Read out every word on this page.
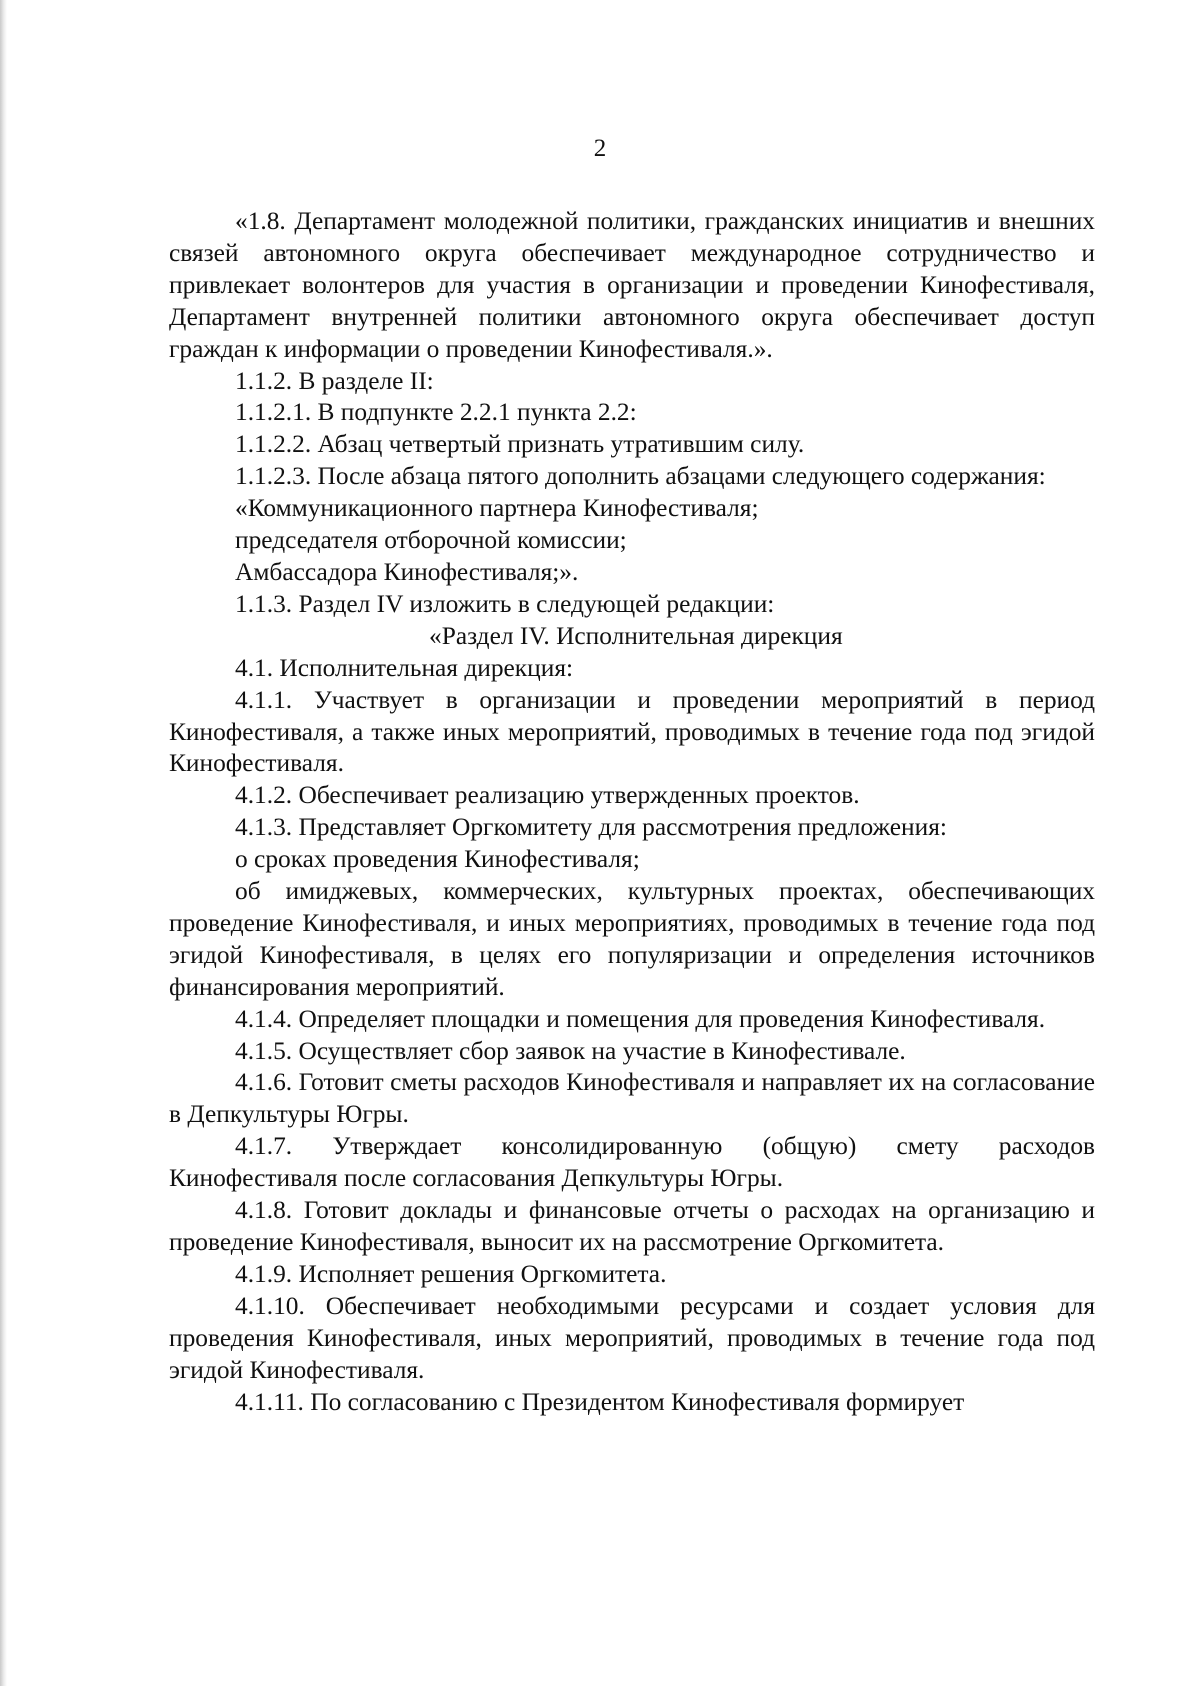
2

«1.8. Департамент молодежной политики, гражданских инициатив и внешних связей автономного округа обеспечивает международное сотрудничество и привлекает волонтеров для участия в организации и проведении Кинофестиваля, Департамент внутренней политики автономного округа обеспечивает доступ граждан к информации о проведении Кинофестиваля.».

1.1.2. В разделе II:

1.1.2.1. В подпункте 2.2.1 пункта 2.2:

1.1.2.2. Абзац четвертый признать утратившим силу.

1.1.2.3. После абзаца пятого дополнить абзацами следующего содержания:

«Коммуникационного партнера Кинофестиваля;

председателя отборочной комиссии;

Амбассадора Кинофестиваля;».

1.1.3. Раздел IV изложить в следующей редакции:

«Раздел IV. Исполнительная дирекция

4.1. Исполнительная дирекция:

4.1.1. Участвует в организации и проведении мероприятий в период Кинофестиваля, а также иных мероприятий, проводимых в течение года под эгидой Кинофестиваля.

4.1.2. Обеспечивает реализацию утвержденных проектов.

4.1.3. Представляет Оргкомитету для рассмотрения предложения:

о сроках проведения Кинофестиваля;

об имиджевых, коммерческих, культурных проектах, обеспечивающих проведение Кинофестиваля, и иных мероприятиях, проводимых в течение года под эгидой Кинофестиваля, в целях его популяризации и определения источников финансирования мероприятий.

4.1.4. Определяет площадки и помещения для проведения Кинофестиваля.

4.1.5. Осуществляет сбор заявок на участие в Кинофестивале.

4.1.6. Готовит сметы расходов Кинофестиваля и направляет их на согласование в Депкультуры Югры.

4.1.7. Утверждает консолидированную (общую) смету расходов Кинофестиваля после согласования Депкультуры Югры.

4.1.8. Готовит доклады и финансовые отчеты о расходах на организацию и проведение Кинофестиваля, выносит их на рассмотрение Оргкомитета.

4.1.9. Исполняет решения Оргкомитета.

4.1.10. Обеспечивает необходимыми ресурсами и создает условия для проведения Кинофестиваля, иных мероприятий, проводимых в течение года под эгидой Кинофестиваля.

4.1.11. По согласованию с Президентом Кинофестиваля формирует
